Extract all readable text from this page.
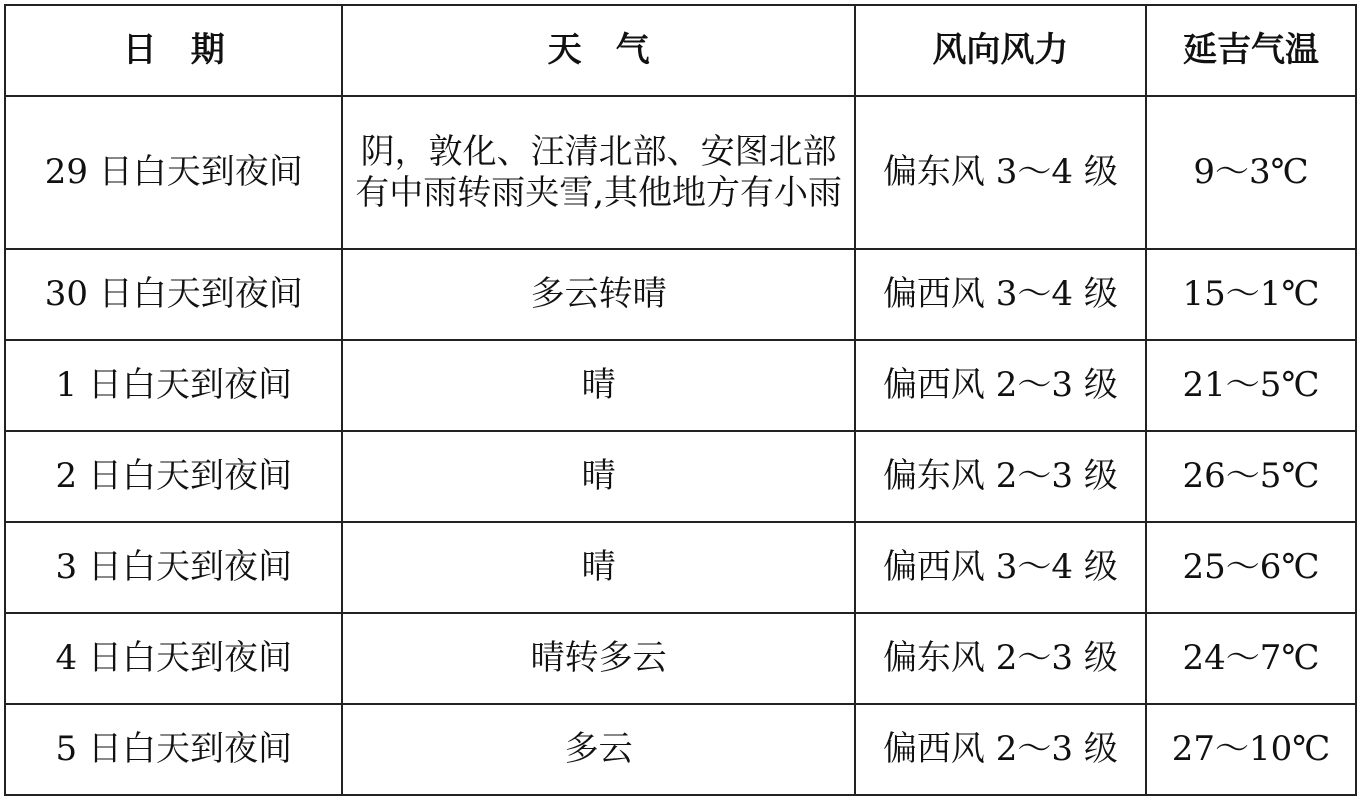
日　期	天　气	风向风力	延吉气温
29 日白天到夜间	阴，敦化、汪清北部、安图北部有中雨转雨夹雪,其他地方有小雨	偏东风 3～4 级	9～3℃
30 日白天到夜间	多云转晴	偏西风 3～4 级	15～1℃
1 日白天到夜间	晴	偏西风 2～3 级	21～5℃
2 日白天到夜间	晴	偏东风 2～3 级	26～5℃
3 日白天到夜间	晴	偏西风 3～4 级	25～6℃
4 日白天到夜间	晴转多云	偏东风 2～3 级	24～7℃
5 日白天到夜间	多云	偏西风 2～3 级	27～10℃
